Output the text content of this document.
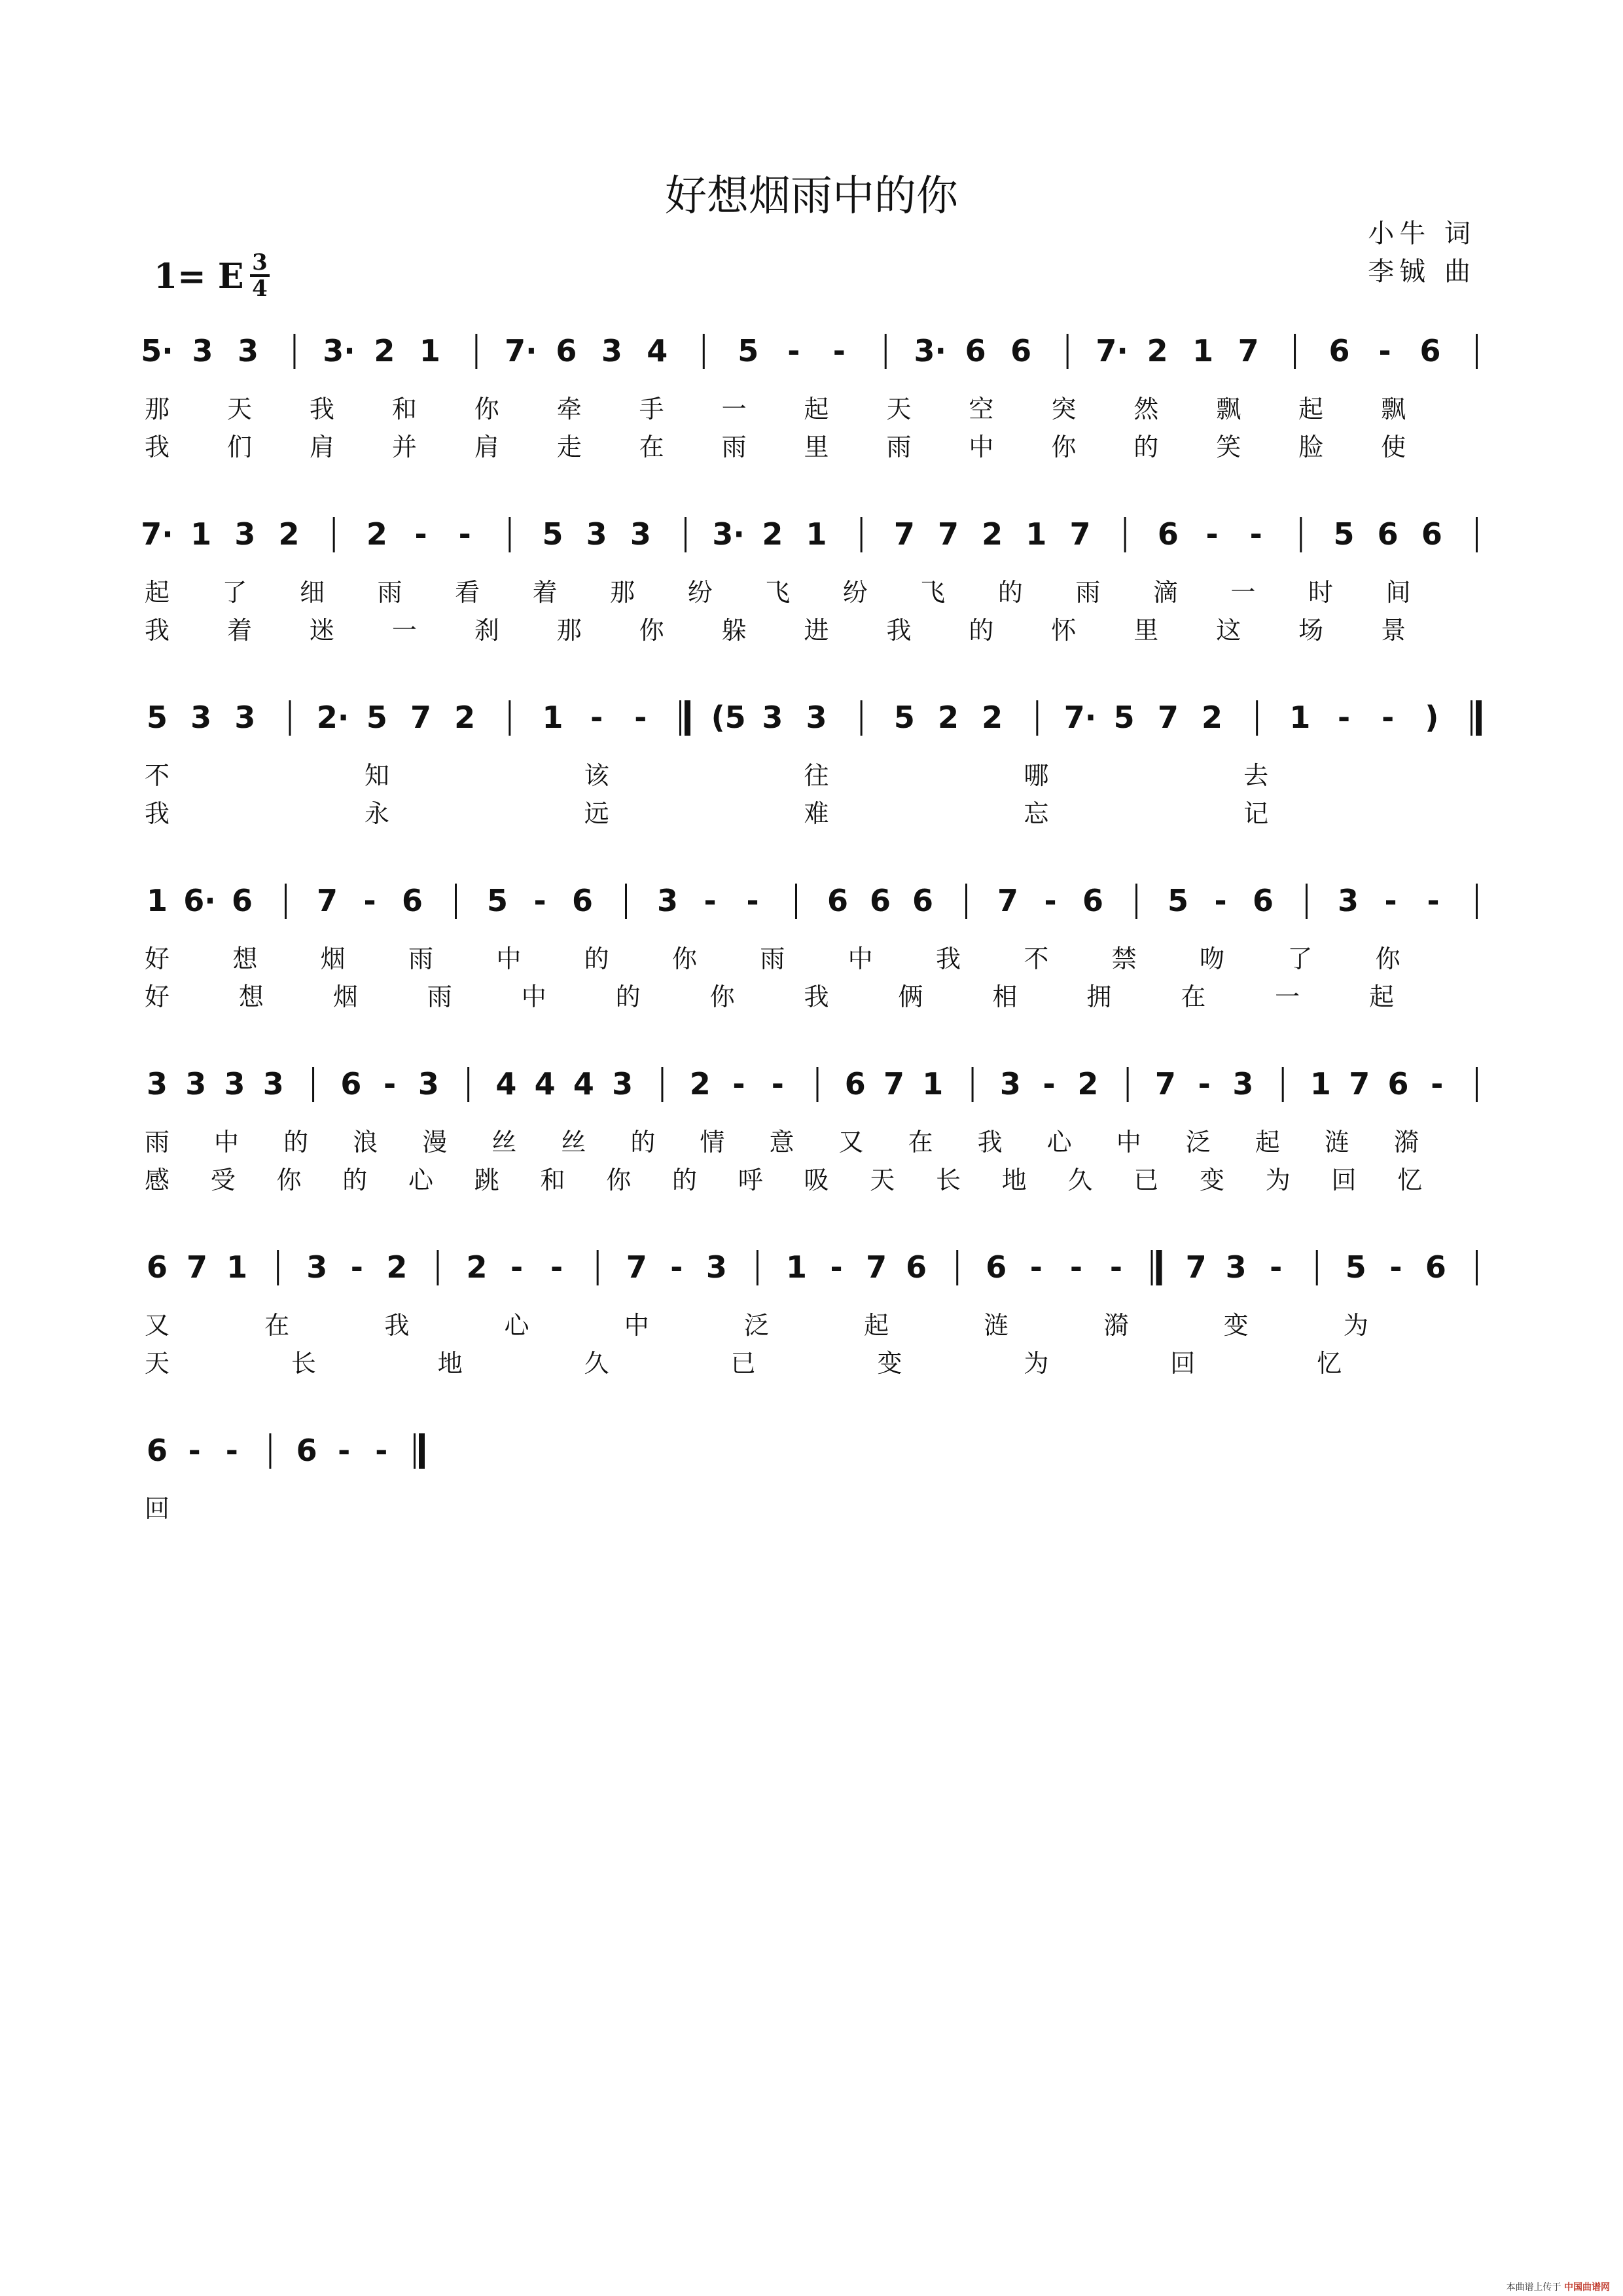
好想烟雨中的你
小牛 词
李铖 曲
1= E 3
4
5· 3 3 3· 2 1 7· 6 3 4 5 - - 3· 6 6 7· 2 1 7 6 - 6
那 天 我 和 你 牵 手 一 起 天 空 突 然 飘 起 飘
我 们 肩 并 肩 走 在 雨 里 雨 中 你 的 笑 脸 使
7· 1 3 2 2 - - 5 3 3 3· 2 1 7 7 2 1 7 6 - - 5 6 6
起 了 细 雨 看 着 那 纷 飞 纷 飞 的 雨 滴 一 时 间
我 着 迷 一 刹 那 你 躲 进 我 的 怀 里 这 场 景
5 3 3 2· 5 7 2 1 - - (5 3 3 5 2 2 7· 5 7 2 1 - - )
不	知	该	往	哪	去
我	永	远	难	忘	记
1 6· 6 7 - 6 5 - 6 3 - - 6 6 6 7 - 6 5 - 6 3 - -
好	想	烟	雨	中	的	你	雨	中	我	不	禁	吻	了	你
好	想	烟	雨	中	的	你	我	俩	相	拥	在	一	起
3 3 3 3 6 - 3 4 4 4 3 2 - - 6 7 1 3 - 2 7 - 3 1 7 6 -
雨 中 的 浪 漫 丝 丝 的 情 意 又 在 我 心 中 泛 起 涟 漪
感 受 你 的 心 跳 和 你 的 呼 吸 天 长 地 久 已 变 为 回 忆
6 7 1 3 - 2 2 - - 7 - 3 1 - 7 6 6 - - - 7 3 - 5 - 6
又	在	我	心	中	泛	起	涟	漪	变	为
天	长	地	久	已	变	为	回	忆
6 - - 6 - -
回
本曲谱上传于 中国曲谱网
